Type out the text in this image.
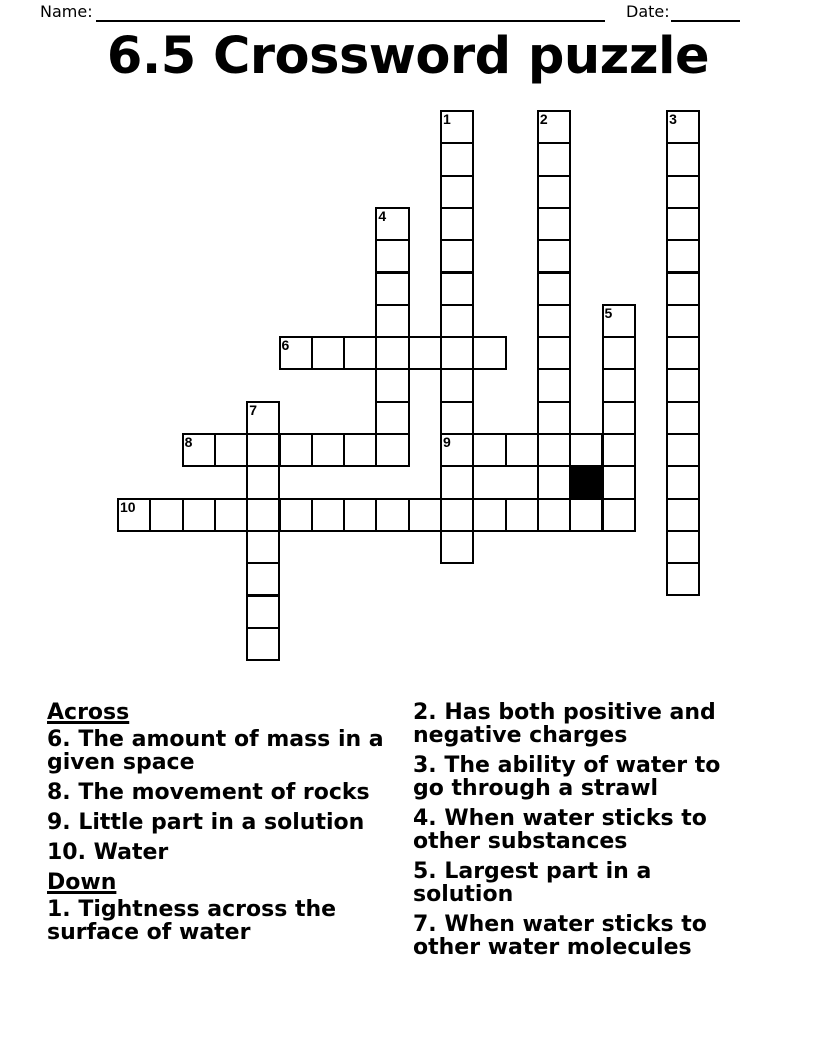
Name:	Date:
6.5 Crossword puzzle
1
9
2	3
4
5
6
7
8
10
Across
6. The amount of mass in a given space
8. The movement of rocks
9. Little part in a solution
10. Water
Down
1. Tightness across the surface of water
2. Has both positive and negative charges
3. The ability of water to go through a strawl
4. When water sticks to other substances
5. Largest part in a solution
7. When water sticks to other water molecules
